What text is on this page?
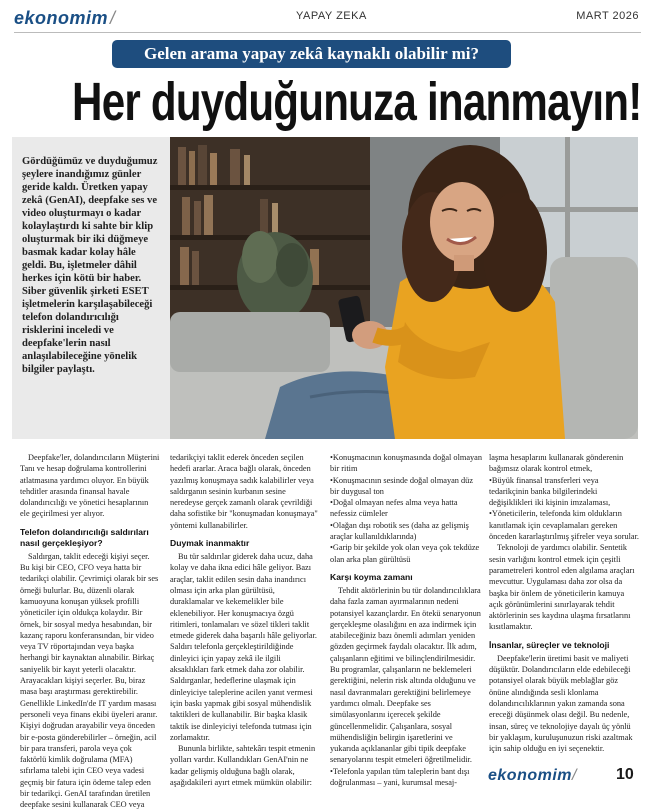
ekonomim /	YAPAY ZEKA	MART 2026
Gelen arama yapay zekâ kaynaklı olabilir mi?
Her duyduğunuza inanmayın!
Gördüğümüz ve duyduğumuz şeylere inandığımız günler geride kaldı. Üretken yapay zekâ (GenAI), deepfake ses ve video oluşturmayı o kadar kolaylaştırdı ki sahte bir klip oluşturmak bir iki düğmeye basmak kadar kolay hâle geldi. Bu, işletmeler dâhil herkes için kötü bir haber. Siber güvenlik şirketi ESET işletmelerin karşılaşabileceği telefon dolandırıcılığı risklerini inceledi ve deepfake'lerin nasıl anlaşılabileceğine yönelik bilgiler paylaştı.

Deepfake'ler, dolandırıcıların Müşterini Tanı ve hesap doğrulama kontrollerini atlatmasına yardımcı oluyor. En büyük tehditler arasında finansal havale dolandırıcılığı ve yönetici hesaplarının ele geçirilmesi yer alıyor.

Telefon dolandırıcılığı saldırıları nasıl gerçekleşiyor?

Saldırgan, taklit edeceği kişiyi seçer. Bu kişi bir CEO, CFO veya hatta bir tedarikçi olabilir. Çevrimiçi olarak bir ses örneği bulurlar. Bu, düzenli olarak kamuoyuna konuşan yüksek profilli yöneticiler için oldukça kolaydır. Bir örnek, bir sosyal medya hesabından, bir kazanç raporu konferansından, bir video veya TV röportajından veya başka herhangi bir kaynaktan alınabilir. Birkaç saniyelik bir kayıt yeterli olacaktır. Arayacakları kişiyi seçerler. Bu, biraz masa başı araştırması gerektirebilir. Genellikle LinkedIn'de IT yardım masası personeli veya finans ekibi üyeleri aranır. Kişiyi doğrudan arayabilir veya önceden bir e-posta gönderebilirler – örneğin, acil bir para transferi, parola veya çok faktörlü kimlik doğrulama (MFA) sıfırlama talebi için CEO veya vadesi geçmiş bir fatura için ödeme talep eden bir tedarikçi. GenAI tarafından üretilen deepfake sesini kullanarak CEO veya

tedarikçiyi taklit ederek önceden seçilen hedefi ararlar. Araca bağlı olarak, önceden yazılmış konuşmaya sadık kalabilirler veya saldırganın sesinin kurbanın sesine neredeyse gerçek zamanlı olarak çevrildiği daha sofistike bir "konuşmadan konuşmaya" yöntemi kullanabilirler.

Duymak inanmaktır

Bu tür saldırılar giderek daha ucuz, daha kolay ve daha ikna edici hâle geliyor. Bazı araçlar, taklit edilen sesin daha inandırıcı olması için arka plan gürültüsü, duraklamalar ve kekemelikler bile eklenebiliyor. Her konuşmacıya özgü ritimleri, tonlamaları ve sözel tikleri taklit etmede giderek daha başarılı hâle geliyorlar. Saldırı telefonla gerçekleştirildiğinde dinleyici için yapay zekâ ile ilgili aksaklıkları fark etmek daha zor olabilir. Saldırganlar, hedeflerine ulaşmak için dinleyiciye taleplerine acilen yanıt vermesi için baskı yapmak gibi sosyal mühendislik taktikleri de kullanabilir. Bir başka klasik taktik ise dinleyiciyi telefonda tutması için zorlamaktır.

Bununla birlikte, sahtekârı tespit etmenin yolları vardır. Kullandıkları GenAI'nin ne kadar gelişmiş olduğuna bağlı olarak, aşağıdakileri ayırt etmek mümkün olabilir:

•Konuşmacının konuşmasında doğal olmayan bir ritim

•Konuşmacının sesinde doğal olmayan düz bir duygusal ton

•Doğal olmayan nefes alma veya hatta nefessiz cümleler

•Olağan dışı robotik ses (daha az gelişmiş araçlar kullanıldıklarında)

•Garip bir şekilde yok olan veya çok tekdüze olan arka plan gürültüsü

Karşı koyma zamanı

Tehdit aktörlerinin bu tür dolandırıcılıklara daha fazla zaman ayırmalarının nedeni potansiyel kazançlardır. En ötekü senaryonun gerçekleşme olasılığını en aza indirmek için atabileceğiniz bazı önemli adımları yeniden gözden geçirmek faydalı olacaktır. İlk adım, çalışanların eğitimi ve bilinçlendirilmesidir. Bu programlar, çalışanların ne beklemeleri gerektiğini, nelerin risk altında olduğunu ve nasıl davranmaları gerektiğini belirlemeye yardımcı olmalı. Deepfake ses simülasyonlarını içerecek şekilde güncellenmelidir. Çalışanlara, sosyal mühendisliğin belirgin işaretlerini ve yukarıda açıklananlar gibi tipik deepfake senaryolarını tespit etmeleri öğretilmelidir.

•Telefonla yapılan tüm taleplerin bant dışı doğrulanması – yani, kurumsal mesaj-

laşma hesaplarını kullanarak gönderenin bağımsız olarak kontrol etmek,

•Büyük finansal transferleri veya tedarikçinin banka bilgilerindeki değişiklikleri iki kişinin imzalaması,

•Yöneticilerin, telefonda kim oldukların kanıtlamak için cevaplamaları gereken önceden kararlaştırılmış şifreler veya sorular.

Teknoloji de yardımcı olabilir. Sentetik sesin varlığını kontrol etmek için çeşitli parametreleri kontrol eden algılama araçları mevcuttur. Uygulaması daha zor olsa da başka bir önlem de yöneticilerin kamuya açık görünümlerini sınırlayarak tehdit aktörlerinin ses kaydına ulaşma fırsatlarını kısıtlamaktır.

İnsanlar, süreçler ve teknoloji

Deepfake'lerin üretimi basit ve maliyeti düşüktür. Dolandırıcıların elde edebileceği potansiyel olarak büyük meblağlar göz önüne alındığında sesli klonlama dolandırıcılıklarının yakın zamanda sona ereceği düşünmek olası değil. Bu nedenle, insan, süreç ve teknolojiye dayalı üç yönlü bir yaklaşım, kuruluşunuzun riski azaltmak için sahip olduğu en iyi seçenektir.

ekonomim/ 10
